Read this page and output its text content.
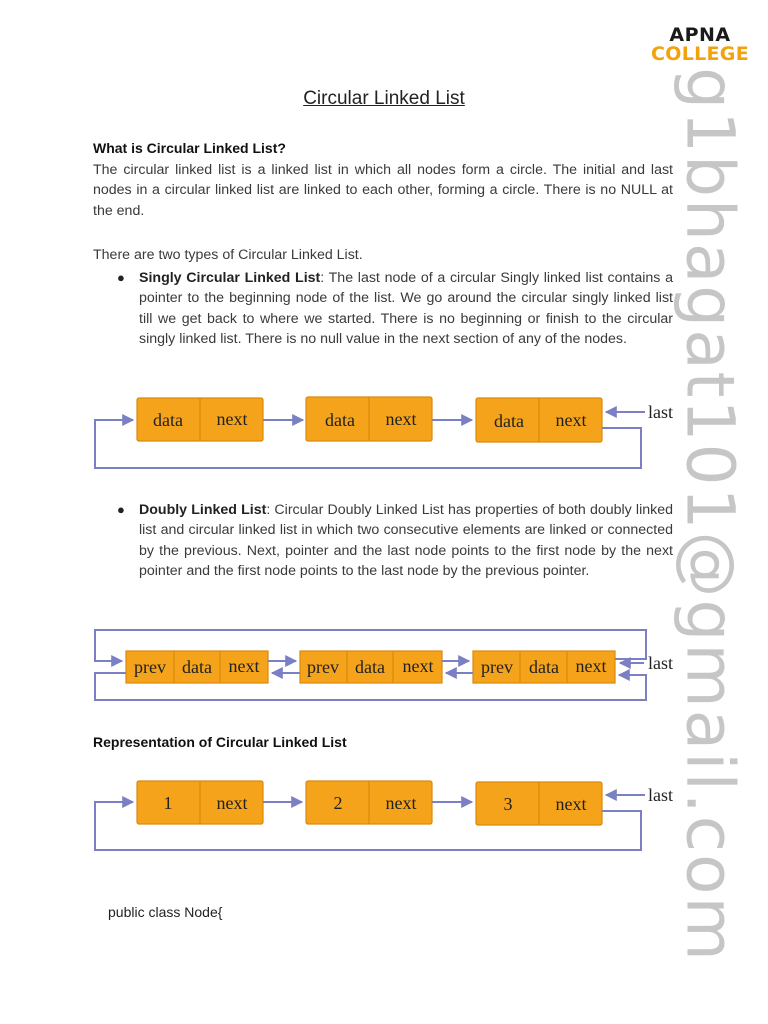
APNA
COLLEGE
g1bhagat101@gmail.com
Circular Linked List
What is Circular Linked List?
The circular linked list is a linked list in which all nodes form a circle. The initial and last nodes in a circular linked list are linked to each other, forming a circle. There is no NULL at the end.
There are two types of Circular Linked List.
● Singly Circular Linked List: The last node of a circular Singly linked list contains a pointer to the beginning node of the list. We go around the circular singly linked list till we get back to where we started. There is no beginning or finish to the circular singly linked list. There is no null value in the next section of any of the nodes.
● Doubly Linked List: Circular Doubly Linked List has properties of both doubly linked list and circular linked list in which two consecutive elements are linked or connected by the previous. Next, pointer and the last node points to the first node by the next pointer and the first node points to the last node by the previous pointer.
Representation of Circular Linked List
data next	data next	data next	last
prev data next	prev data next	prev data next last
1 next	2 next	3 next	last
public class Node{
